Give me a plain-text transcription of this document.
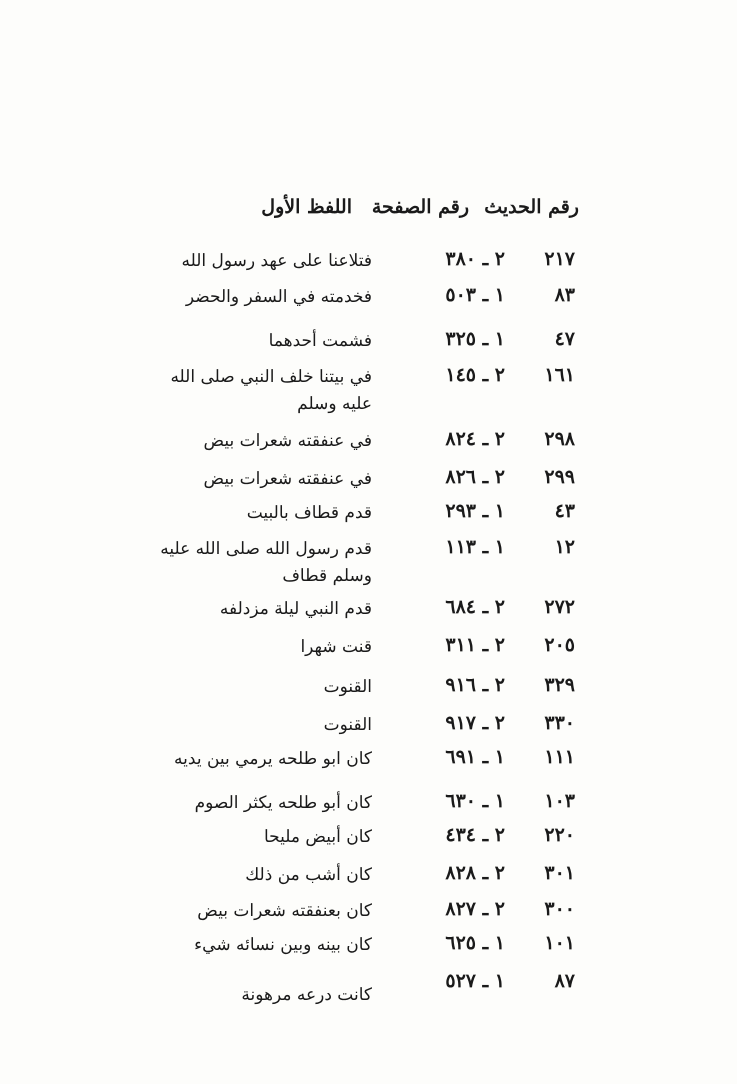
رقم الحديث
رقم الصفحة
اللفظ الأول
٢١٧
٢ ـ ٣٨٠
فتلاعنا على عهد رسول الله
٨٣
١ ـ ٥٠٣
فخدمته في السفر والحضر
٤٧
١ ـ ٣٢٥
فشمت أحدهما
١٦١
٢ ـ ١٤٥
في بيتنا خلف النبي صلى الله عليه وسلم
٢٩٨
٢ ـ ٨٢٤
في عنفقته شعرات بيض
٢٩٩
٢ ـ ٨٢٦
في عنفقته شعرات بيض
٤٣
١ ـ ٢٩٣
قدم قطاف بالبيت
١٢
١ ـ ١١٣
قدم رسول الله صلى الله عليه وسلم قطاف
٢٧٢
٢ ـ ٦٨٤
قدم النبي ليلة مزدلفه
٢٠٥
٢ ـ ٣١١
قنت شهرا
٣٢٩
٢ ـ ٩١٦
القنوت
٣٣٠
٢ ـ ٩١٧
القنوت
١١١
١ ـ ٦٩١
كان ابو طلحه يرمي بين يديه
١٠٣
١ ـ ٦٣٠
كان أبو طلحه يكثر الصوم
٢٢٠
٢ ـ ٤٣٤
كان أبيض مليحا
٣٠١
٢ ـ ٨٢٨
كان أشب من ذلك
٣٠٠
٢ ـ ٨٢٧
كان بعنفقته شعرات بيض
١٠١
١ ـ ٦٢٥
كان بينه وبين نسائه شيء
٨٧
١ ـ ٥٢٧
كانت درعه مرهونة
